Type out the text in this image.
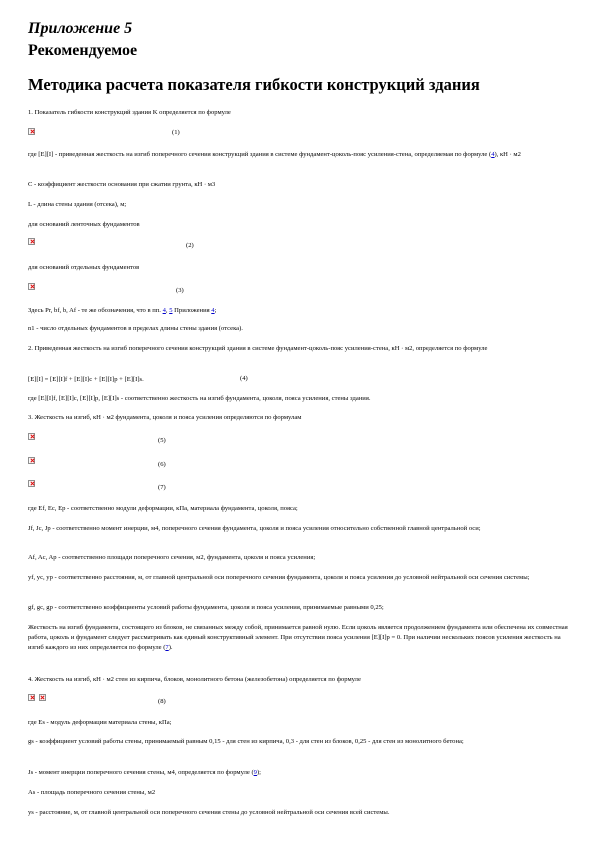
Приложение 5
Рекомендуемое
Методика расчета показателя гибкости конструкций здания
1. Показатель гибкости конструкций здания K определяется по формуле
(1)
где [E][I] - приведенная жесткость на изгиб поперечного сечения конструкций здания в системе фундамент-цоколь-пояс усиления-стена, определяемая по формуле (4), кН · м2
C - коэффициент жесткости основания при сжатии грунта, кН · м3
L - длина стены здания (отсека), м;
для оснований ленточных фундаментов
(2)
для оснований отдельных фундаментов
(3)
Здесь Pr, bf, b, Af - те же обозначения, что в пп. 4, 5 Приложения 4;
n1 - число отдельных фундаментов в пределах длины стены здания (отсека).
2. Приведенная жесткость на изгиб поперечного сечения конструкций здания в системе фундамент-цоколь-пояс усиления-стена, кН · м2, определяется по формуле
[E][I] = [E][I]f + [E][I]c + [E][I]p + [E][I]s.	(4)
где [E][I]f, [E][I]c, [E][I]p, [E][I]s - соответственно жесткость на изгиб фундамента, цоколя, пояса усиления, стены здания.
3. Жесткость на изгиб, кН · м2 фундамента, цоколя и пояса усиления определяются по формулам
(5)
(6)
(7)
где Ef, Ec, Ep - соответственно модули деформации, кПа, материала фундамента, цоколя, пояса;
Jf, Jc, Jp - соответственно момент инерции, м4, поперечного сечения фундамента, цоколя и пояса усиления относительно собственной главной центральной оси;
Af, Ac, Ap - соответственно площади поперечного сечения, м2, фундамента, цоколя и пояса усиления;
yf, yc, yp - соответственно расстояния, м, от главной центральной оси поперечного сечения фундамента, цоколя и пояса усиления до условной нейтральной оси сечения системы;
gf, gc, gp - соответственно коэффициенты условий работы фундамента, цоколя и пояса усиления, принимаемые равными 0,25;
Жесткость на изгиб фундамента, состоящего из блоков, не связанных между собой, принимается равной нулю. Если цоколь является продолжением фундамента или обеспечена их совместная работа, цоколь и фундамент следует рассматривать как единый конструктивный элемент. При отсутствии пояса усиления [E][I]p = 0. При наличии нескольких поясов усиления жесткость на изгиб каждого из них определяется по формуле (7).
4. Жесткость на изгиб, кН · м2 стен из кирпича, блоков, монолитного бетона (железобетона) определяется по формуле

(8)
где Es - модуль деформации материала стены, кПа;
gs - коэффициент условий работы стены, принимаемый равным 0,15 - для стен из кирпича, 0,3 - для стен из блоков, 0,25 - для стен из монолитного бетона;
Js - момент инерции поперечного сечения стены, м4, определяется по формуле (9);
As - площадь поперечного сечения стены, м2
ys - расстояние, м, от главной центральной оси поперечного сечения стены до условной нейтральной оси сечения всей системы.
